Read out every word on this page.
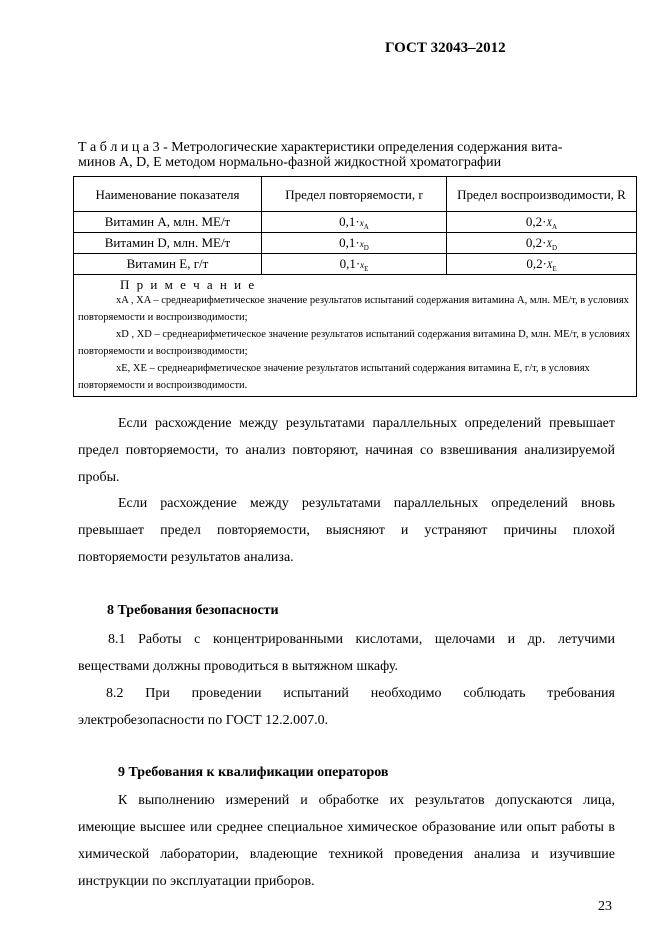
ГОСТ 32043–2012
Т а б л и ц а 3 - Метрологические характеристики определения содержания вита-
минов A, D, E методом нормально-фазной жидкостной хроматографии
Наименование показателя	Предел повторяемости, r	Предел воспроизводимости, R
Витамин А, млн. МЕ/т	$0,1\cdot x_A$	$0,2\cdot X_A$
Витамин D, млн. МЕ/т	$0,1\cdot x_D$	$0,2\cdot X_D$
Витамин Е, г/т	$0,1\cdot x_E$	$0,2\cdot X_E$

П р и м е ч а н и е
xA , XA – среднеарифметическое значение результатов испытаний содержания витамина А, млн. МЕ/т, в условиях повторяемости и воспроизводимости;
xD , XD – среднеарифметическое значение результатов испытаний содержания витамина D, млн. МЕ/т, в условиях повторяемости и воспроизводимости;
xE, XE – среднеарифметическое значение результатов испытаний содержания витамина Е, г/т, в условиях повторяемости и воспроизводимости.		
Если расхождение между результатами параллельных определений превышает предел повторяемости, то анализ повторяют, начиная со взвешивания анализируемой пробы.
Если расхождение между результатами параллельных определений вновь превышает предел повторяемости, выясняют и устраняют причины плохой повторяемости результатов анализа.
8 Требования безопасности
8.1 Работы с концентрированными кислотами, щелочами и др. летучими веществами должны проводиться в вытяжном шкафу.
8.2 При проведении испытаний необходимо соблюдать требования электробезопасности по ГОСТ 12.2.007.0.
9 Требования к квалификации операторов
К выполнению измерений и обработке их результатов допускаются лица, имеющие высшее или среднее специальное химическое образование или опыт работы в химической лаборатории, владеющие техникой проведения анализа и изучившие инструкции по эксплуатации приборов.
23
